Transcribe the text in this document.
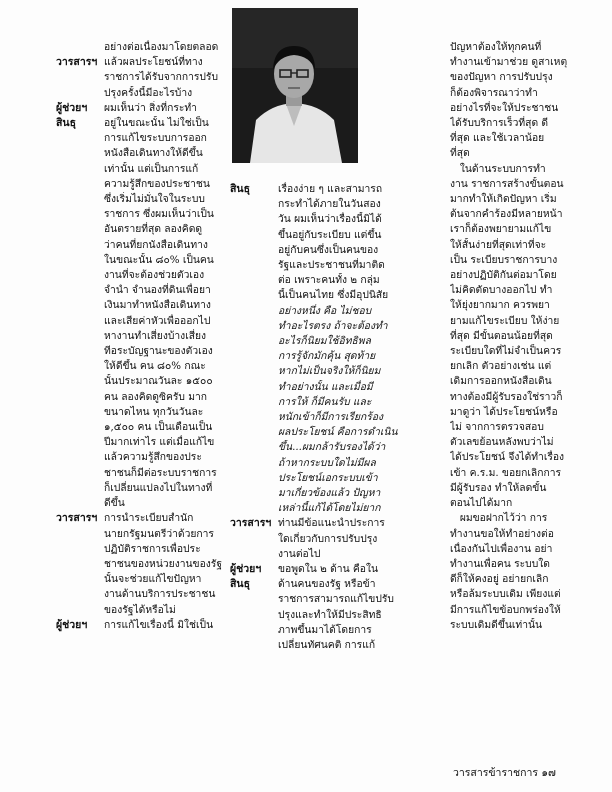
อย่างต่อเนื่องมาโดยตลอด
วารสารฯ แล้วผลประโยชน์ที่ทาง
ราชการได้รับจากการปรับ
ปรุงครั้งนี้มีอะไรบ้าง
ผู้ช่วยฯ สินธุ
ผมเห็นว่า สิ่งที่กระทำ
อยู่ในขณะนั้น ไม่ใช่เป็น
การแก้ไขระบบการออก
หนังสือเดินทางให้ดีขึ้น
เท่านั้น แต่เป็นการแก้
ความรู้สึกของประชาชน
ซึ่งเริ่มไม่มั่นใจในระบบ
ราชการ ซึ่งผมเห็นว่าเป็น
อันตรายที่สุด ลองคิดดู
ว่าคนที่ยกนังสือเดินทาง
ในขณะนั้น ๘๐% เป็นคน
งานที่จะต้องช่วยตัวเอง
จำนำ จำนองที่ดินเพื่อยา
เงินมาทำหนังสือเดินทาง
และเสียค่าหัวเพื่อออกไป
หางานทำเสี่ยงบ้างเสี่ยง
ทีอระบัญฐานะของตัวเอง
ให้ดีขึ้น คน ๘๐% กณะ
นั้นประมาณวันละ ๑๕๐๐
คน ลองคิดดูซิครับ มาก
ขนาดไหน ทุกวันวันละ
๑,๕๐๐ คน เป็นเดือนเป็น
ปีมากเท่าไร แต่เมื่อแก้ไข
แล้วความรู้สึกของประ
ชาชนก็มีต่อระบบราชการ
ก็เปลี่ยนแปลงไปในทางที่
ดีขึ้น
วารสารฯ การนำระเบียบสำนัก
นายกรัฐมนตรีว่าด้วยการ
ปฏิบัติราชการเพื่อประ
ชาชนของหน่วยงานของรัฐ
นั้นจะช่วยแก้ไขปัญหา
งานด้านบริการประชาชน
ของรัฐได้หรือไม่
ผู้ช่วยฯ	การแก้ไขเรื่องนี้ มิใช่เป็น
สินธุ	เรื่องง่าย ๆ และสามารถ
กระทำได้ภายในวันสอง
วัน ผมเห็นว่าเรื่องนี้มิได้
ขึ้นอยู่กับระเบียบ แต่ขึ้น
อยู่กับคนซึ่งเป็นคนของ
รัฐและประชาชนที่มาติด
ต่อ เพราะคนทั้ง ๒ กลุ่ม
นี้เป็นคนไทย ซึ่งมีอุปนิสัย
อย่างหนึ่ง คือ ไม่ชอบ
ทำอะไรตรง ถ้าจะต้องทำ
อะไรก็นิยมใช้อิทธิพล
การรู้จักมักคุ้น สุดท้าย
หากไม่เป็นจริงให้ก็นิยม
ทำอย่างนั้น และเมื่อมี
การให้ ก็มีคนรับ และ
หนักเข้าก็มีการเรียกร้อง
ผลประโยชน์ คือการดำเนิน
ขึ้น...ผมกล้ารับรองได้ว่า
ถ้าหากระบบใดไม่มีผล
ประโยชน์เอกระบบเข้า
มาเกี่ยวข้องแล้ว ปัญหา
เหล่านี้แก้ได้โดยไม่ยาก
วารสารฯ ท่านมีข้อแนะนำประการ
ใดเกี่ยวกับการปรับปรุง
งานต่อไป
ผู้ช่วยฯ สินธุ
ขอพูดใน ๒ ด้าน คือใน
ด้านคนของรัฐ หรือข้า
ราชการสามารถแก้ไขปรับ
ปรุงและทำให้มีประสิทธิ
ภาพขึ้นมาได้โดยการ
เปลี่ยนทัศนคติ การแก้
ปัญหาต้องให้ทุกคนที่
ทำงานเข้ามาช่วย ดูสาเหตุ
ของปัญหา การปรับปรุง
ก็ต้องพิจารณาว่าทำ
อย่างไรที่จะให้ประชาชน
ได้รับบริการเร็วที่สุด ดี
ที่สุด และใช้เวลาน้อย
ที่สุด
ในด้านระบบการทำ
งาน ราชการสร้างขั้นตอน
มากทำให้เกิดปัญหา เริ่ม
ต้นจากคำร้องมีหลายหน้า
เราก็ต้องพยายามแก้ไข
ให้สั้นง่ายที่สุดเท่าที่จะ
เป็น ระเบียบราชการบาง
อย่างปฏิบัติกันต่อมาโดย
ไม่คิดตัดบางออกไป ทำ
ให้ยุ่งยากมาก ควรพยา
ยามแก้ไขระเบียบ ให้ง่าย
ที่สุด มีขั้นตอนน้อยที่สุด
ระเบียบใดที่ไม่จำเป็นควร
ยกเลิก ตัวอย่างเช่น แต่
เดิมการออกหนังสือเดิน
ทางต้องมีผู้รับรองใช่ราวก็
มาดูว่า ได้ประโยชน์หรือ
ไม่ จากการตรวจสอบ
ตัวเลขย้อนหลังพบว่าไม่
ได้ประโยชน์ จึงได้ทำเรื่อง
เข้า ค.ร.ม. ขอยกเลิกการ
มีผู้รับรอง ทำให้ลดขั้น
ตอนไปได้มาก
ผมขอฝากไว้ว่า การ
ทำงานขอให้ทำอย่างต่อ
เนื่องกันไปเพื่องาน อย่า
ทำงานเพื่อคน ระบบใด
ดีก็ให้คงอยู่ อย่ายกเลิก
หรือล้มระบบเดิม เพียงแต่
มีการแก้ไขข้อบกพร่องให้
ระบบเดิมดีขึ้นเท่านั้น
วารสารข้าราชการ ๑๗
